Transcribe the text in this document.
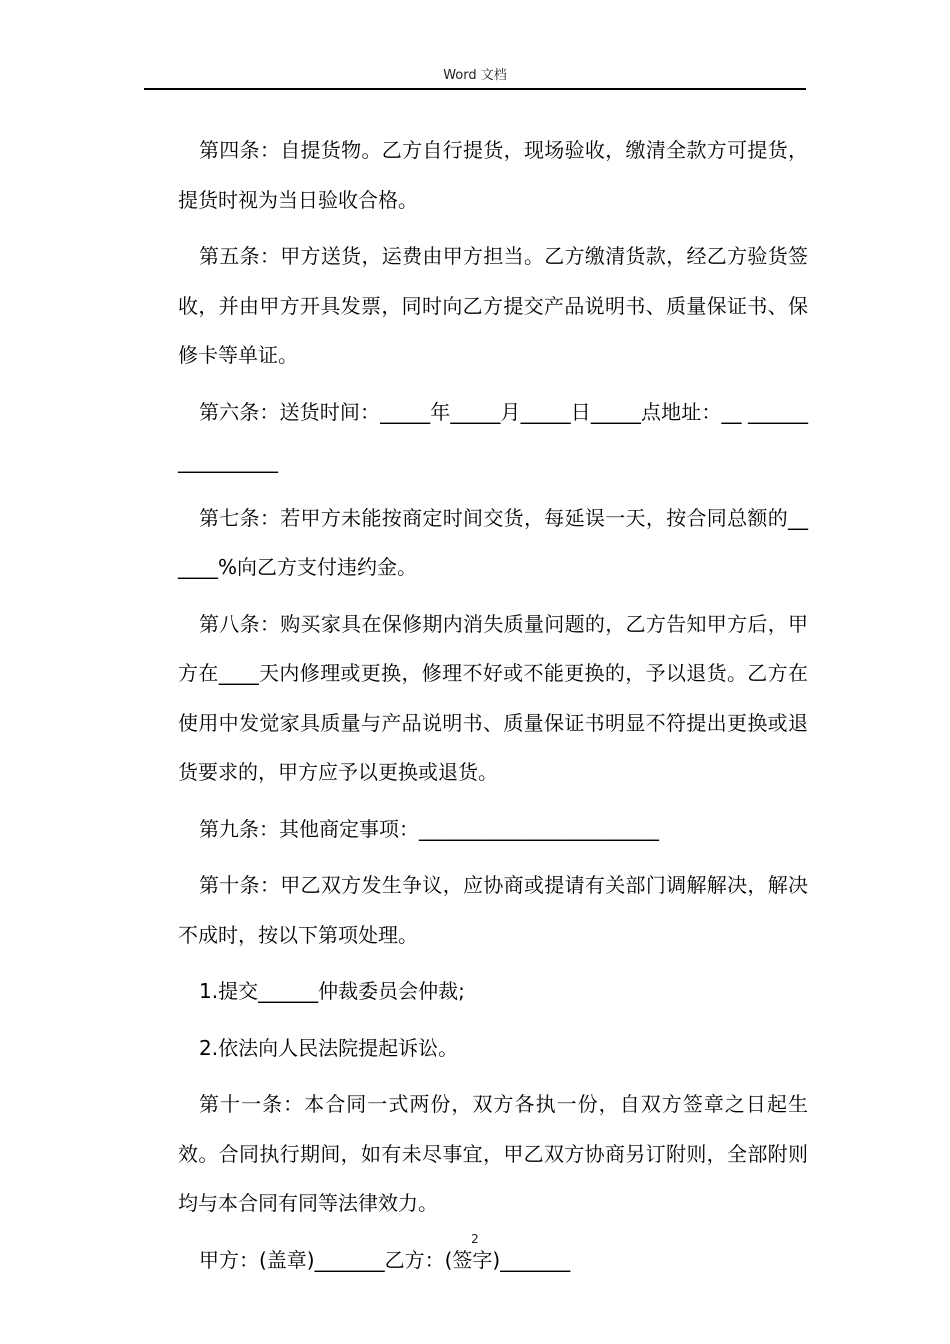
Word 文档

第四条：自提货物。乙方自行提货，现场验收，缴清全款方可提货，提货时视为当日验收合格。

第五条：甲方送货，运费由甲方担当。乙方缴清货款，经乙方验货签收，并由甲方开具发票，同时向乙方提交产品说明书、质量保证书、保修卡等单证。

第六条：送货时间：_____年_____月_____日_____点地址：__ ________________

第七条：若甲方未能按商定时间交货，每延误一天，按合同总额的______%向乙方支付违约金。

第八条：购买家具在保修期内消失质量问题的，乙方告知甲方后，甲方在____天内修理或更换，修理不好或不能更换的，予以退货。乙方在使用中发觉家具质量与产品说明书、质量保证书明显不符提出更换或退货要求的，甲方应予以更换或退货。

第九条：其他商定事项：________________________

第十条：甲乙双方发生争议，应协商或提请有关部门调解解决，解决不成时，按以下第项处理。

1.提交______仲裁委员会仲裁;

2.依法向人民法院提起诉讼。

第十一条：本合同一式两份，双方各执一份，自双方签章之日起生效。合同执行期间，如有未尽事宜，甲乙双方协商另订附则，全部附则均与本合同有同等法律效力。

甲方：(盖章)_______乙方：(签字)_______

2
